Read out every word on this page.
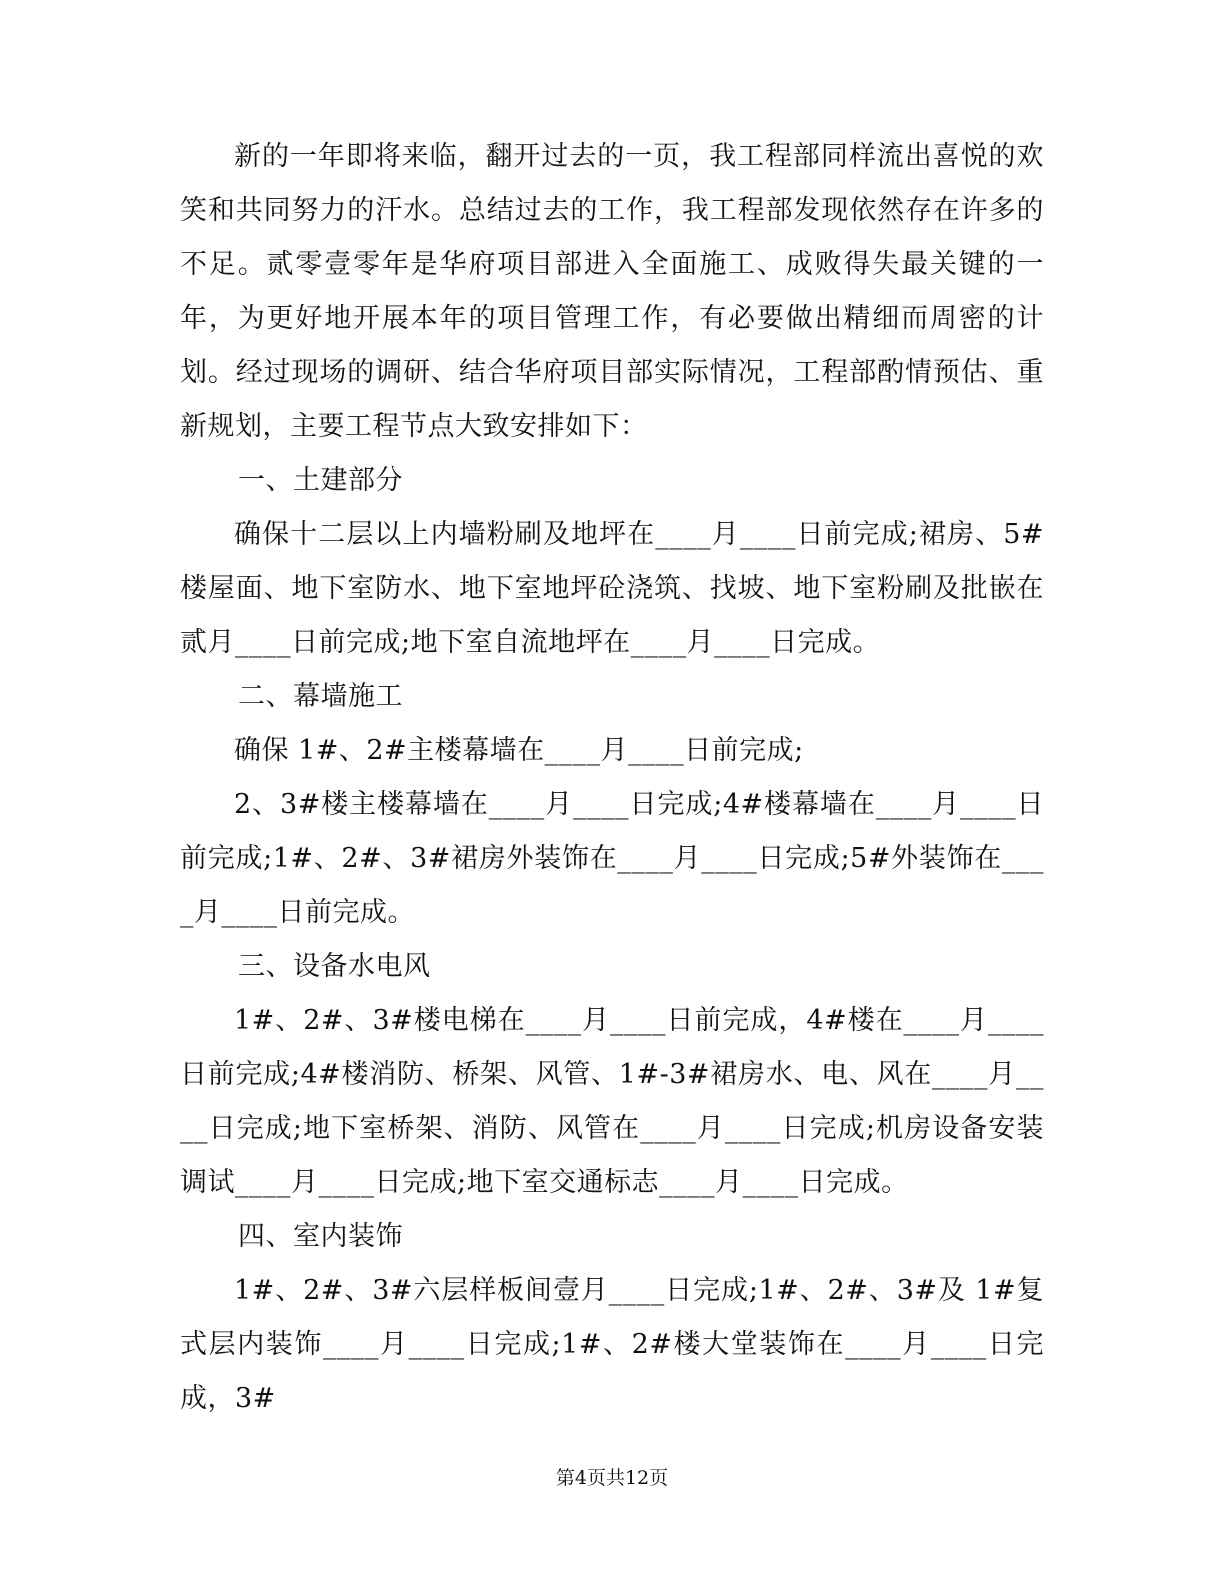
新的一年即将来临，翻开过去的一页，我工程部同样流出喜悦的欢笑和共同努力的汗水。总结过去的工作，我工程部发现依然存在许多的不足。贰零壹零年是华府项目部进入全面施工、成败得失最关键的一年，为更好地开展本年的项目管理工作，有必要做出精细而周密的计划。经过现场的调研、结合华府项目部实际情况，工程部酌情预估、重新规划，主要工程节点大致安排如下：

一、土建部分

确保十二层以上内墙粉刷及地坪在____月____日前完成;裙房、5#楼屋面、地下室防水、地下室地坪砼浇筑、找坡、地下室粉刷及批嵌在贰月____日前完成;地下室自流地坪在____月____日完成。

二、幕墙施工

确保 1#、2#主楼幕墙在____月____日前完成;

2、3#楼主楼幕墙在____月____日完成;4#楼幕墙在____月____日前完成;1#、2#、3#裙房外装饰在____月____日完成;5#外装饰在____月____日前完成。

三、设备水电风

1#、2#、3#楼电梯在____月____日前完成，4#楼在____月____日前完成;4#楼消防、桥架、风管、1#-3#裙房水、电、风在____月____日完成;地下室桥架、消防、风管在____月____日完成;机房设备安装调试____月____日完成;地下室交通标志____月____日完成。

四、室内装饰

1#、2#、3#六层样板间壹月____日完成;1#、2#、3#及 1#复式层内装饰____月____日完成;1#、2#楼大堂装饰在____月____日完成，3#

第4页共12页
